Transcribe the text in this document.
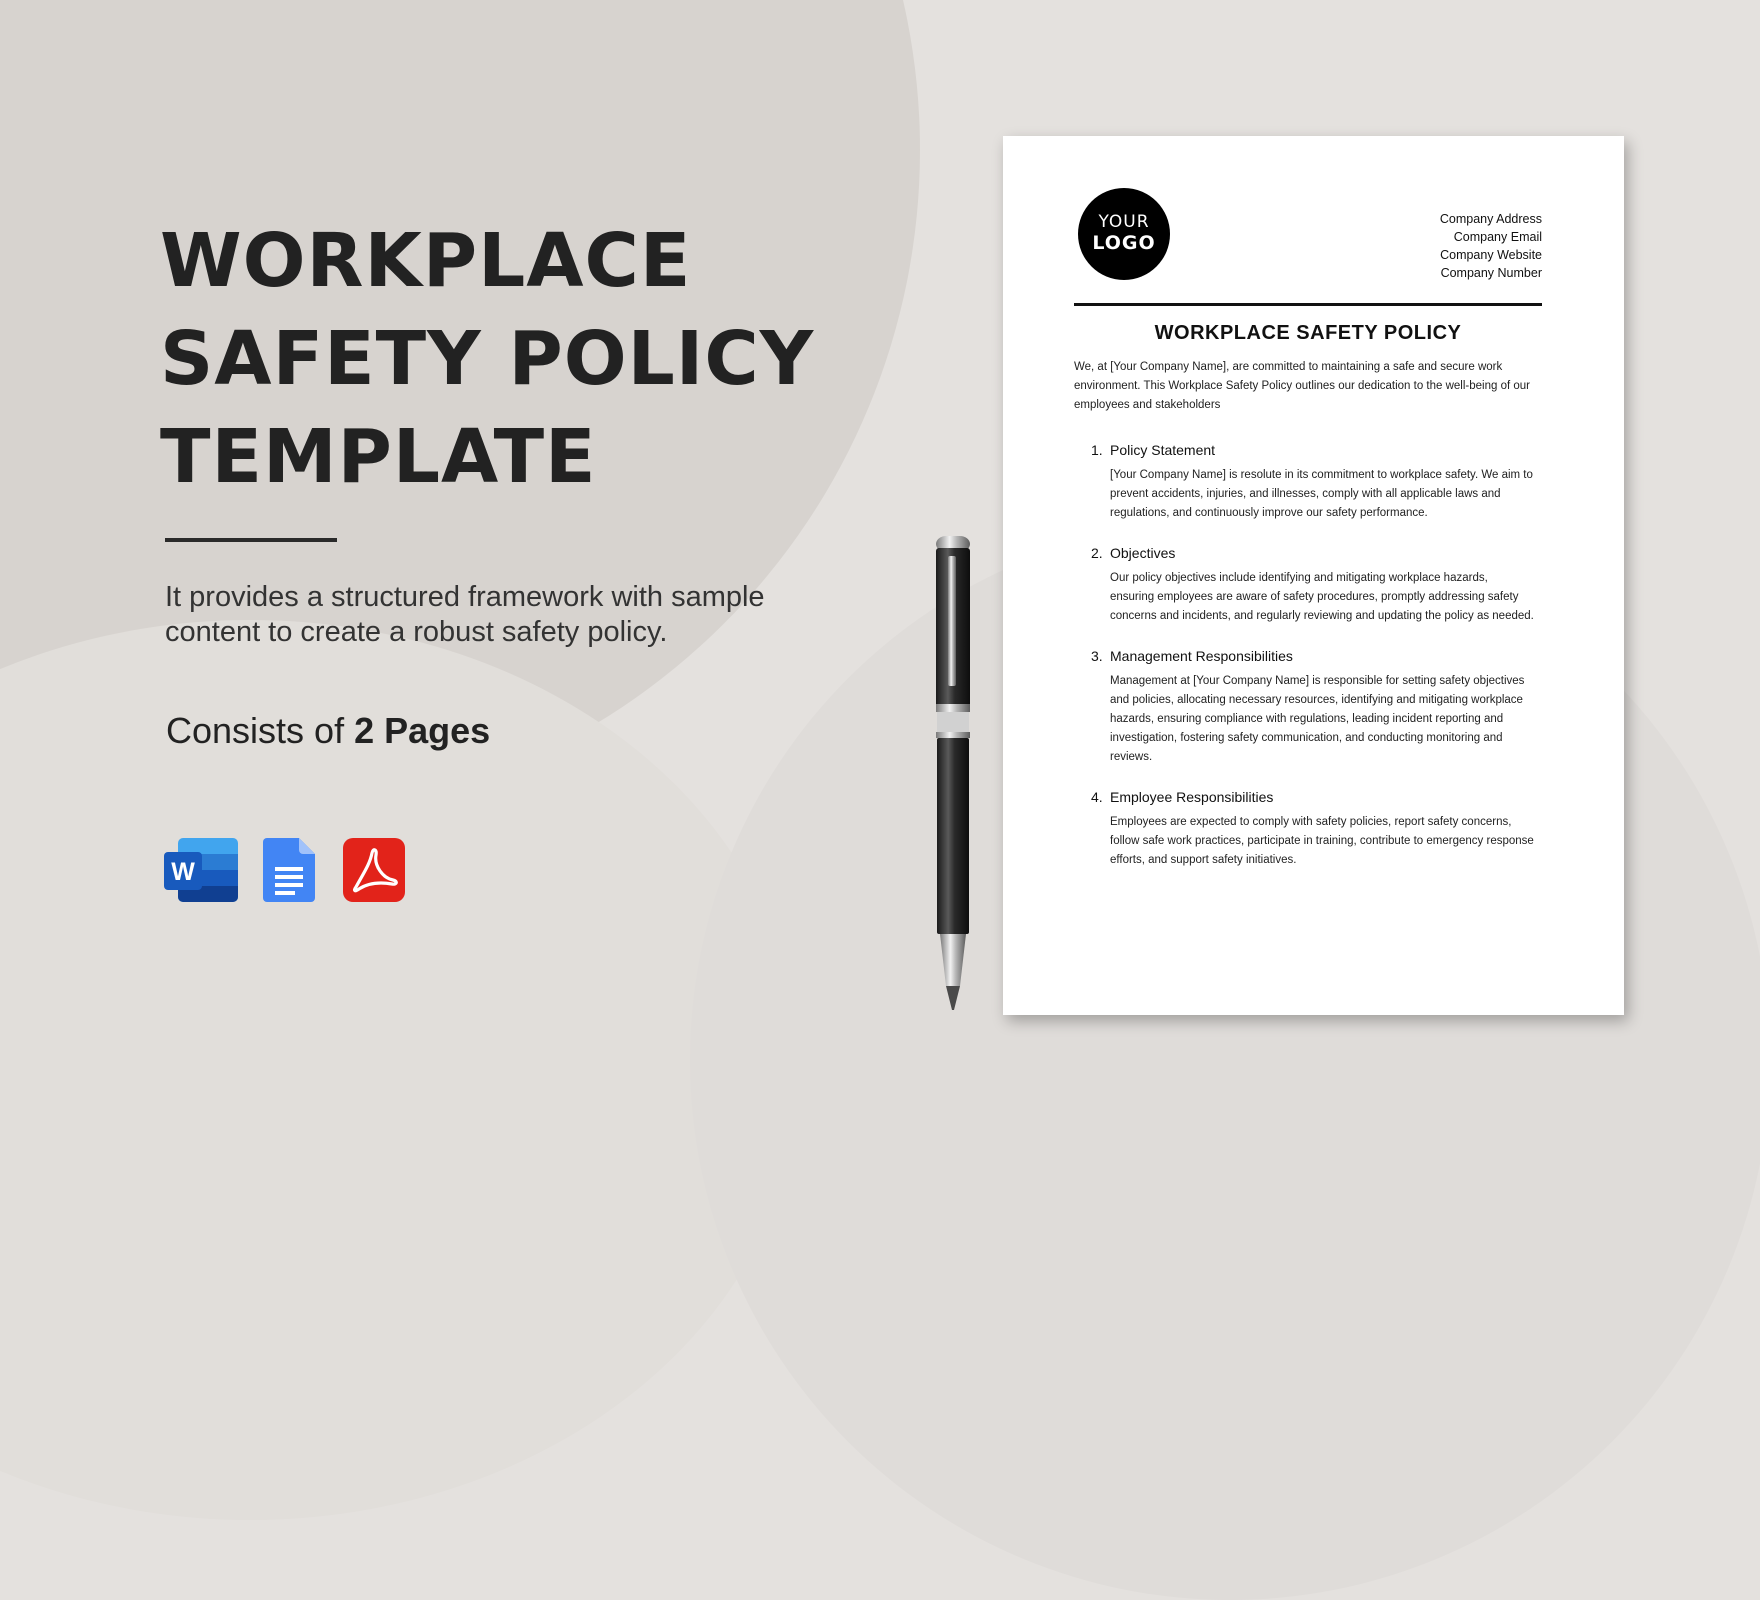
WORKPLACE
SAFETY POLICY
TEMPLATE
It provides a structured framework with sample content to create a robust safety policy.
Consists of 2 Pages
W
YOUR
LOGO
Company Address
Company Email
Company Website
Company Number
WORKPLACE SAFETY POLICY
We, at [Your Company Name], are committed to maintaining a safe and secure work environment. This Workplace Safety Policy outlines our dedication to the well-being of our employees and stakeholders
1. Policy Statement
[Your Company Name] is resolute in its commitment to workplace safety. We aim to prevent accidents, injuries, and illnesses, comply with all applicable laws and regulations, and continuously improve our safety performance.
2. Objectives
Our policy objectives include identifying and mitigating workplace hazards, ensuring employees are aware of safety procedures, promptly addressing safety concerns and incidents, and regularly reviewing and updating the policy as needed.
3. Management Responsibilities
Management at [Your Company Name] is responsible for setting safety objectives and policies, allocating necessary resources, identifying and mitigating workplace hazards, ensuring compliance with regulations, leading incident reporting and investigation, fostering safety communication, and conducting monitoring and reviews.
4. Employee Responsibilities
Employees are expected to comply with safety policies, report safety concerns, follow safe work practices, participate in training, contribute to emergency response efforts, and support safety initiatives.
